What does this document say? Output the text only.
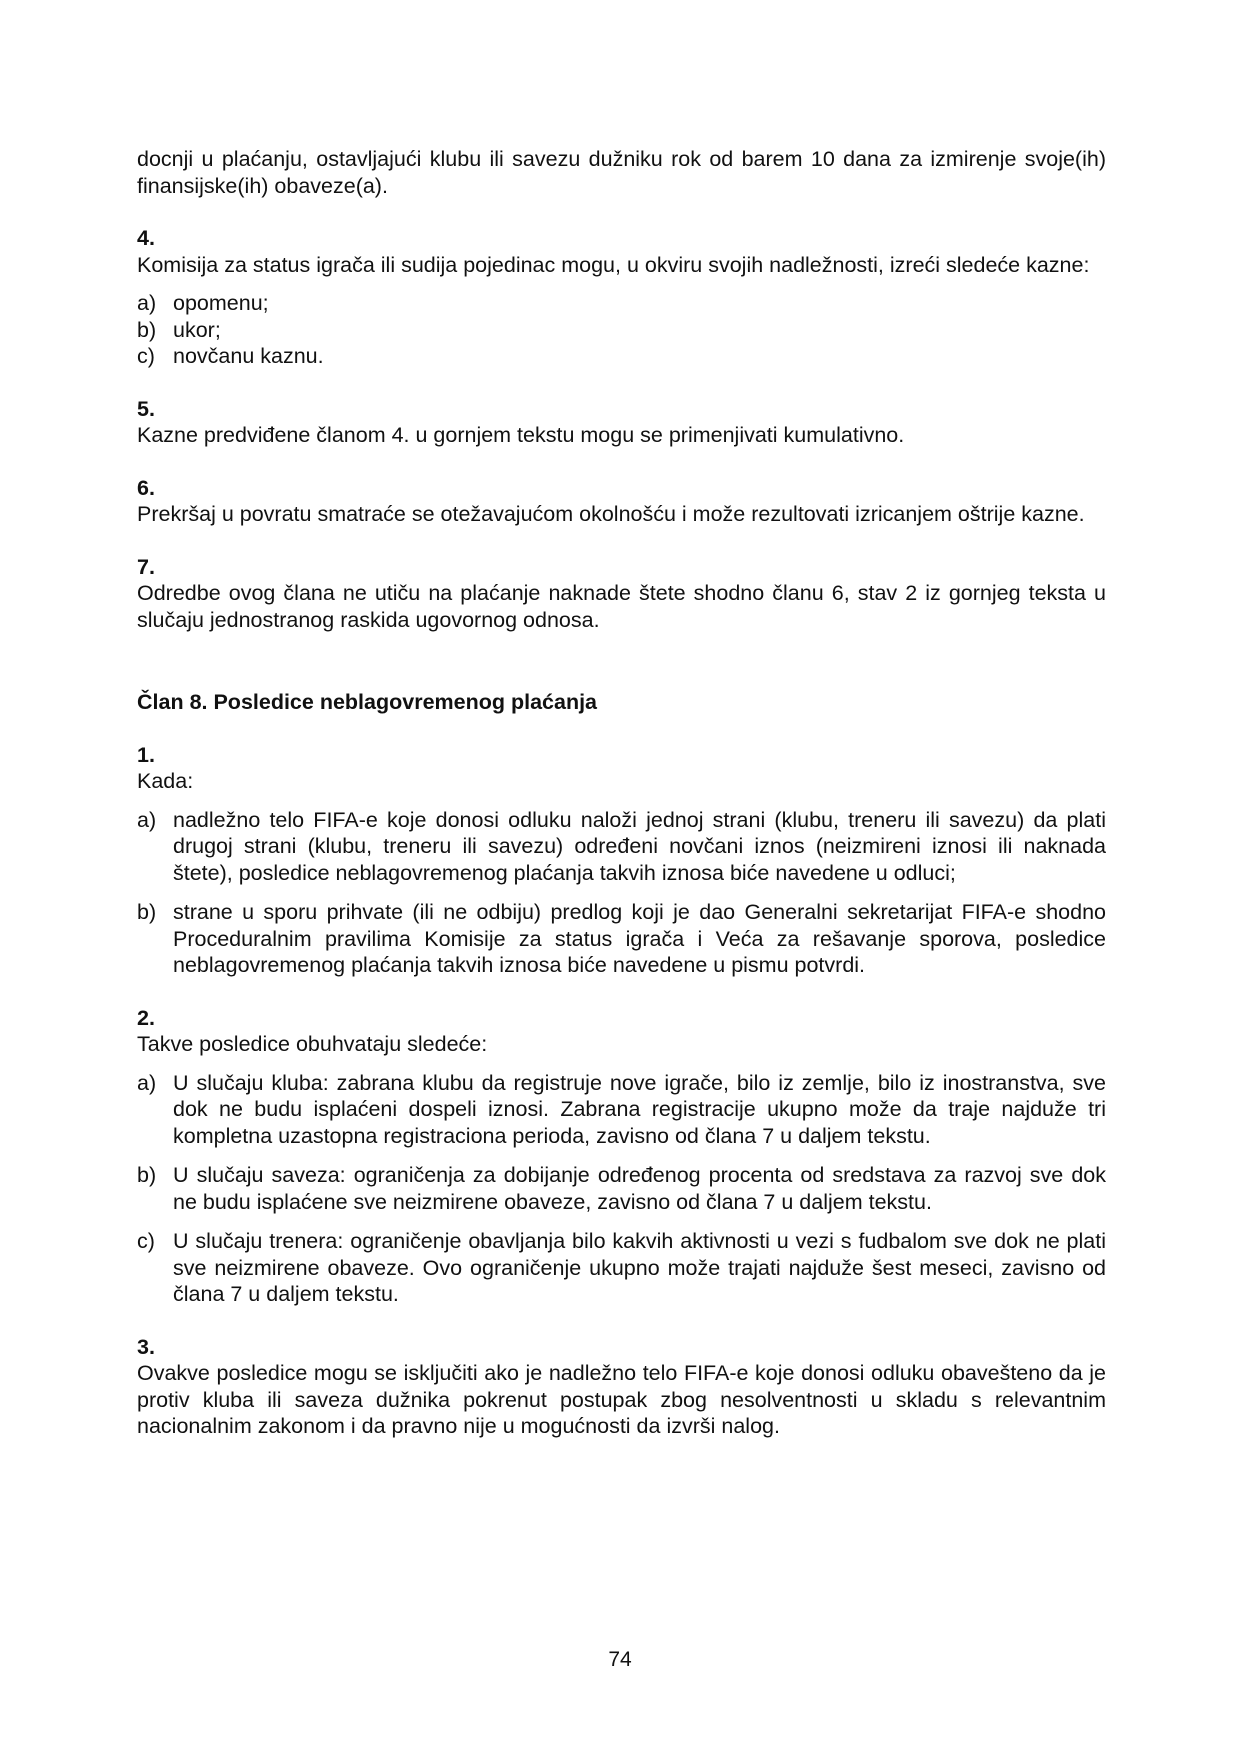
docnji u plaćanju, ostavljajući klubu ili savezu dužniku rok od barem 10 dana za izmirenje svoje(ih) finansijske(ih) obaveze(a).

4.

Komisija za status igrača ili sudija pojedinac mogu, u okviru svojih nadležnosti, izreći sledeće kazne:

a) opomenu;
b) ukor;
c) novčanu kaznu.

5.

Kazne predviđene članom 4. u gornjem tekstu mogu se primenjivati kumulativno.

6.

Prekršaj u povratu smatraće se otežavajućom okolnošću i može rezultovati izricanjem oštrije kazne.

7.

Odredbe ovog člana ne utiču na plaćanje naknade štete shodno članu 6, stav 2 iz gornjeg teksta u slučaju jednostranog raskida ugovornog odnosa.

Član 8. Posledice neblagovremenog plaćanja

1.

Kada:

a) nadležno telo FIFA-e koje donosi odluku naloži jednoj strani (klubu, treneru ili savezu) da plati drugoj strani (klubu, treneru ili savezu) određeni novčani iznos (neizmireni iznosi ili naknada štete), posledice neblagovremenog plaćanja takvih iznosa biće navedene u odluci;
b) strane u sporu prihvate (ili ne odbiju) predlog koji je dao Generalni sekretarijat FIFA-e shodno Proceduralnim pravilima Komisije za status igrača i Veća za rešavanje sporova, posledice neblagovremenog plaćanja takvih iznosa biće navedene u pismu potvrdi.

2.

Takve posledice obuhvataju sledeće:

a) U slučaju kluba: zabrana klubu da registruje nove igrače, bilo iz zemlje, bilo iz inostranstva, sve dok ne budu isplaćeni dospeli iznosi. Zabrana registracije ukupno može da traje najduže tri kompletna uzastopna registraciona perioda, zavisno od člana 7 u daljem tekstu.
b) U slučaju saveza: ograničenja za dobijanje određenog procenta od sredstava za razvoj sve dok ne budu isplaćene sve neizmirene obaveze, zavisno od člana 7 u daljem tekstu.
c) U slučaju trenera: ograničenje obavljanja bilo kakvih aktivnosti u vezi s fudbalom sve dok ne plati sve neizmirene obaveze. Ovo ograničenje ukupno može trajati najduže šest meseci, zavisno od člana 7 u daljem tekstu.

3.

Ovakve posledice mogu se isključiti ako je nadležno telo FIFA-e koje donosi odluku obavešteno da je protiv kluba ili saveza dužnika pokrenut postupak zbog nesolventnosti u skladu s relevantnim nacionalnim zakonom i da pravno nije u mogućnosti da izvrši nalog.

74
